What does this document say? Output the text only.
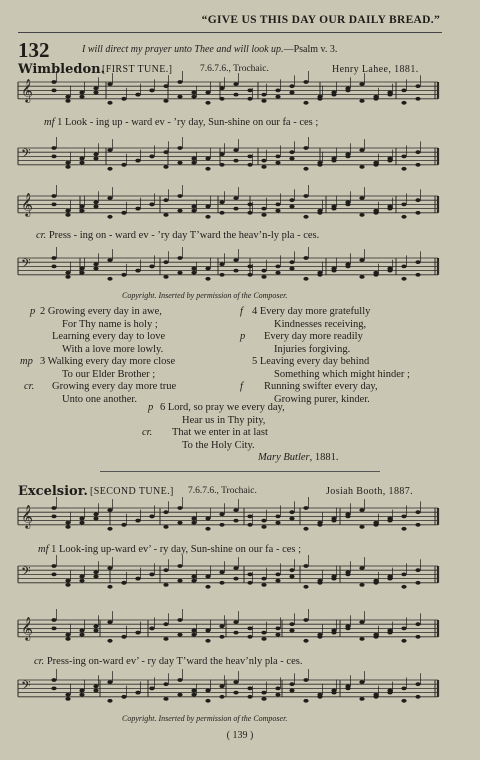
“GIVE US THIS DAY OUR DAILY BREAD.”
132	I will direct my prayer unto Thee and will look up.—Psalm v. 3.
Wimbledon.
[FIRST TUNE.]	7.6.7.6., Trochaic.	Henry Lahee, 1881.
mf 1 Look - ing up - ward ev - ’ry day, Sun-shine on our fa - ces ;
cr. Press - ing on - ward ev - ’ry day T’ward the heav’n-ly pla - ces.
Copyright. Inserted by permission of the Composer.
p 2 Growing every day in awe,
For Thy name is holy ;
Learning every day to love
With a love more lowly.
mp 3 Walking every day more close
To our Elder Brother ;
cr. Growing every day more true
Unto one another.
f 4 Every day more gratefully
Kindnesses receiving,
p Every day more readily
Injuries forgiving.
5 Leaving every day behind
Something which might hinder ;
f Running swifter every day,
Growing purer, kinder.
p 6 Lord, so pray we every day,
Hear us in Thy pity,
cr. That we enter in at last
To the Holy City.
Mary Butler, 1881.
Excelsior. [SECOND TUNE.] 7.6.7.6., Trochaic.	Josiah Booth, 1887.
mf 1 Look-ing up-ward ev’ - ry day, Sun-shine on our fa - ces ;
cr. Press-ing on-ward ev’ - ry day T’ward the heav’nly pla - ces.
Copyright. Inserted by permission of the Composer.
( 139 )
𝄞
𝄢
𝄞
𝄢
𝄞
𝄢
𝄞
𝄢
